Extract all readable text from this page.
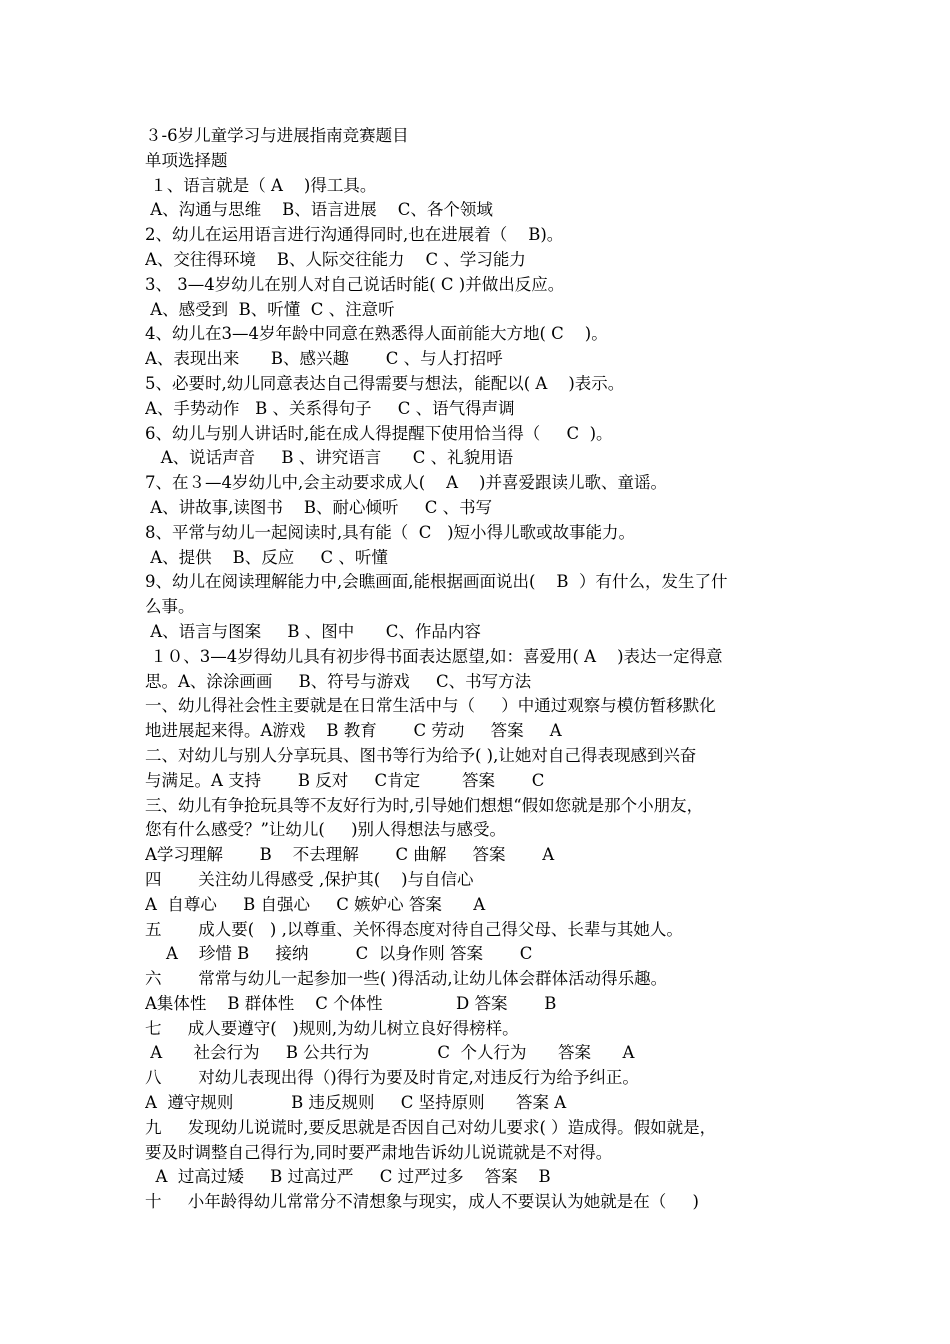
３-6岁儿童学习与进展指南竞赛题目
单项选择题
１、语言就是（ A    )得工具。
A、沟通与思维    B、语言进展    C、各个领域
2、幼儿在运用语言进行沟通得同时,也在进展着（    B)。
A、交往得环境    B、人际交往能力    C 、学习能力
3、 3—4岁幼儿在别人对自己说话时能( C )并做出反应。
A、感受到  B、听懂  C 、注意听
4、幼儿在3—4岁年龄中同意在熟悉得人面前能大方地( C    )。
A、表现出来      B、感兴趣       C 、与人打招呼
5、必要时,幼儿同意表达自己得需要与想法，能配以( A    )表示。
A、手势动作   B 、关系得句子     C 、语气得声调
6、幼儿与别人讲话时,能在成人得提醒下使用恰当得（     C  )。
A、说话声音     B 、讲究语言      C 、礼貌用语
7、在３—4岁幼儿中,会主动要求成人(    A    )并喜爱跟读儿歌、童谣。
A、讲故事,读图书    B、耐心倾听     C 、书写
8、平常与幼儿一起阅读时,具有能（  C   )短小得儿歌或故事能力。
A、提供    B、反应     C 、听懂
9、幼儿在阅读理解能力中,会瞧画面,能根据画面说出(    B  ）有什么，发生了什
么事。
A、语言与图案     B 、图中      C、作品内容
１０、3—4岁得幼儿具有初步得书面表达愿望,如：喜爱用( A    )表达一定得意
思。A、涂涂画画     B、符号与游戏     C、书写方法
一、幼儿得社会性主要就是在日常生活中与（     ）中通过观察与模仿暂移默化
地进展起来得。A游戏    B 教育       C 劳动     答案     A
二、对幼儿与别人分享玩具、图书等行为给予( ),让她对自己得表现感到兴奋
与满足。A 支持       B 反对     C肯定        答案       C
三、幼儿有争抢玩具等不友好行为时,引导她们想想“假如您就是那个小朋友，
您有什么感受？”让幼儿(     )别人得想法与感受。
A学习理解       B    不去理解       C 曲解     答案       A
四       关注幼儿得感受 ,保护其(    )与自信心
A  自尊心     B 自强心     C 嫉妒心 答案      A
五       成人要(   ) ,以尊重、关怀得态度对待自己得父母、长辈与其她人。
A    珍惜 B     接纳         C  以身作则 答案       C
六       常常与幼儿一起参加一些( )得活动,让幼儿体会群体活动得乐趣。
A集体性    B 群体性    C 个体性              D 答案       B
七     成人要遵守(   )规则,为幼儿树立良好得榜样。
A      社会行为     B 公共行为             C  个人行为      答案      A
八       对幼儿表现出得（)得行为要及时肯定,对违反行为给予纠正。
A  遵守规则           B 违反规则     C 坚持原则      答案 A
九     发现幼儿说谎时,要反思就是否因自己对幼儿要求( ）造成得。假如就是，
要及时调整自己得行为,同时要严肃地告诉幼儿说谎就是不对得。
A  过高过矮     B 过高过严     C 过严过多    答案    B
十     小年龄得幼儿常常分不清想象与现实，成人不要误认为她就是在（     )
